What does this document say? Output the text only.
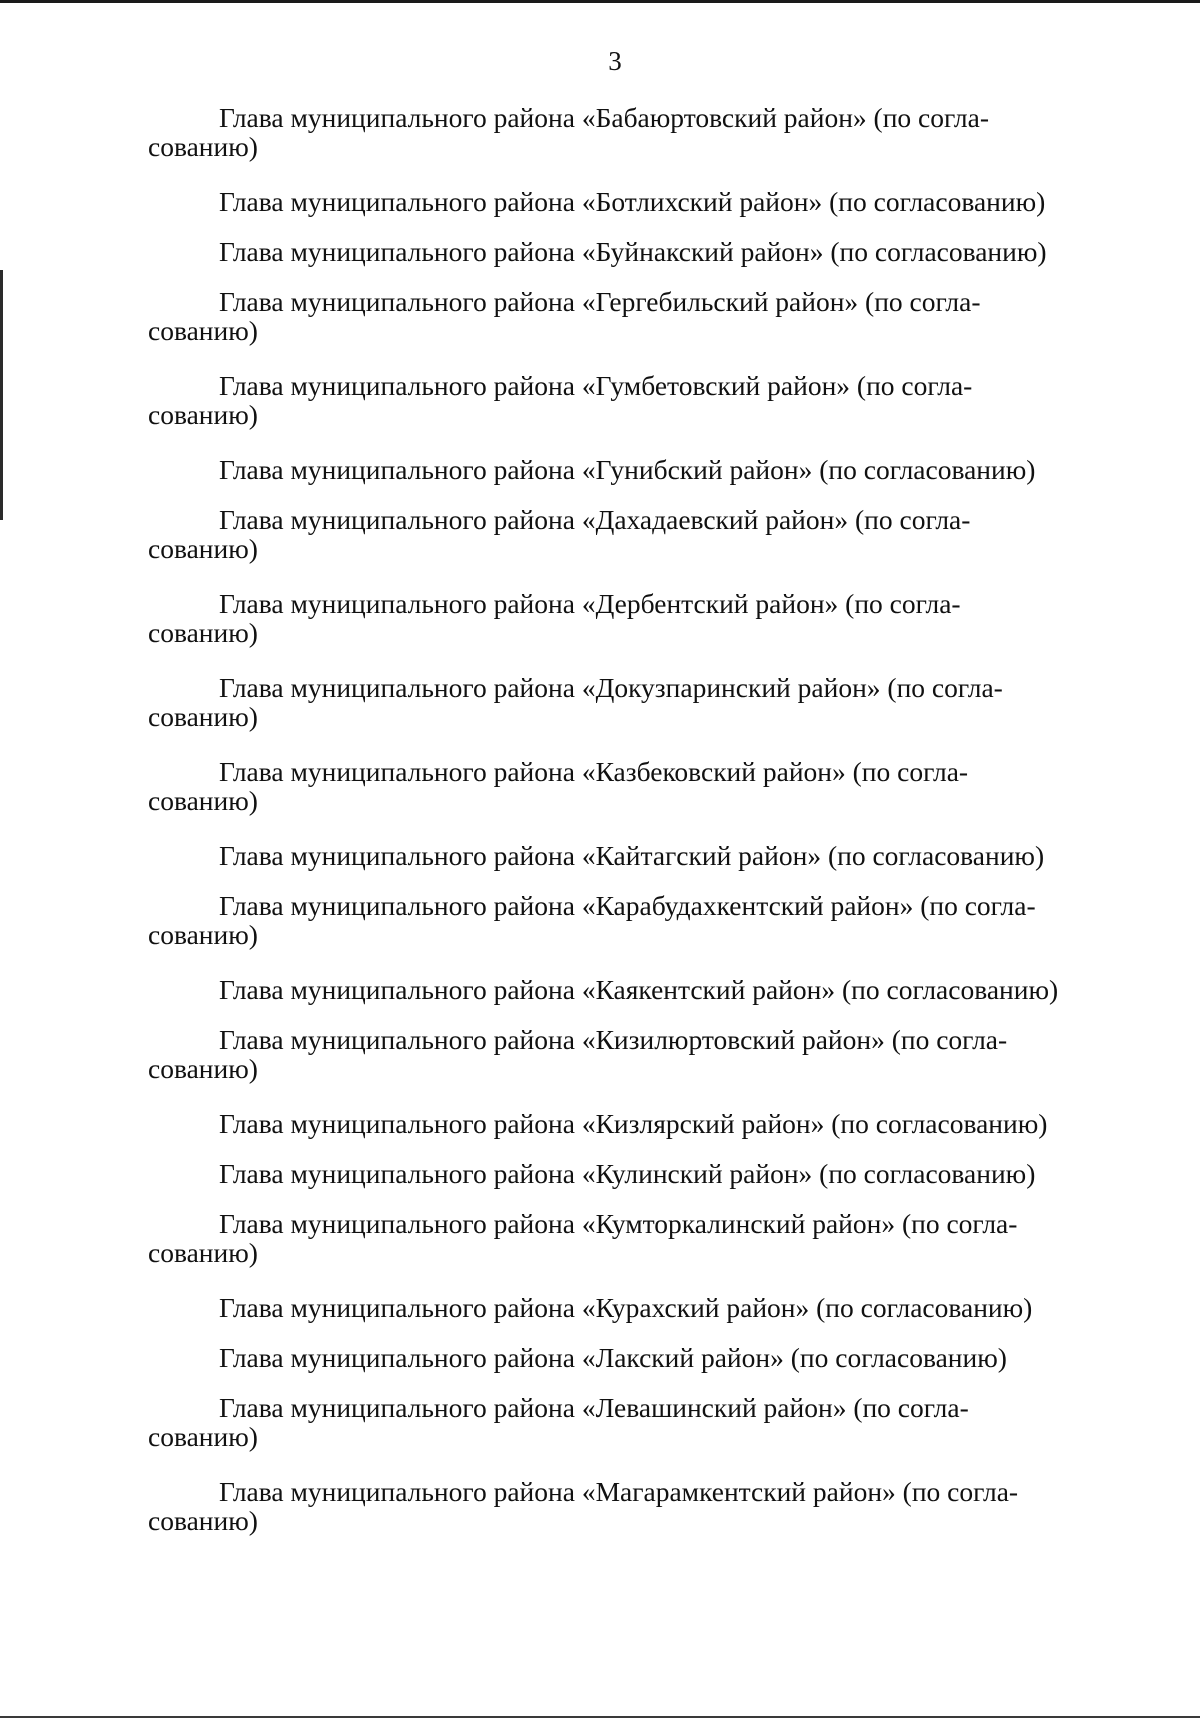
3
Глава муниципального района «Бабаюртовский район» (по согла-
сованию)
Глава муниципального района «Ботлихский район» (по согласованию)
Глава муниципального района «Буйнакский район» (по согласованию)
Глава муниципального района «Гергебильский район» (по согла-
сованию)
Глава муниципального района «Гумбетовский район» (по согла-
сованию)
Глава муниципального района «Гунибский район» (по согласованию)
Глава муниципального района «Дахадаевский район» (по согла-
сованию)
Глава муниципального района «Дербентский район» (по согла-
сованию)
Глава муниципального района «Докузпаринский район» (по согла-
сованию)
Глава муниципального района «Казбековский район» (по согла-
сованию)
Глава муниципального района «Кайтагский район» (по согласованию)
Глава муниципального района «Карабудахкентский район» (по согла-
сованию)
Глава муниципального района «Каякентский район» (по согласованию)
Глава муниципального района «Кизилюртовский район» (по согла-
сованию)
Глава муниципального района «Кизлярский район» (по согласованию)
Глава муниципального района «Кулинский район» (по согласованию)
Глава муниципального района «Кумторкалинский район» (по согла-
сованию)
Глава муниципального района «Курахский район» (по согласованию)
Глава муниципального района «Лакский район» (по согласованию)
Глава муниципального района «Левашинский район» (по согла-
сованию)
Глава муниципального района «Магарамкентский район» (по согла-
сованию)
